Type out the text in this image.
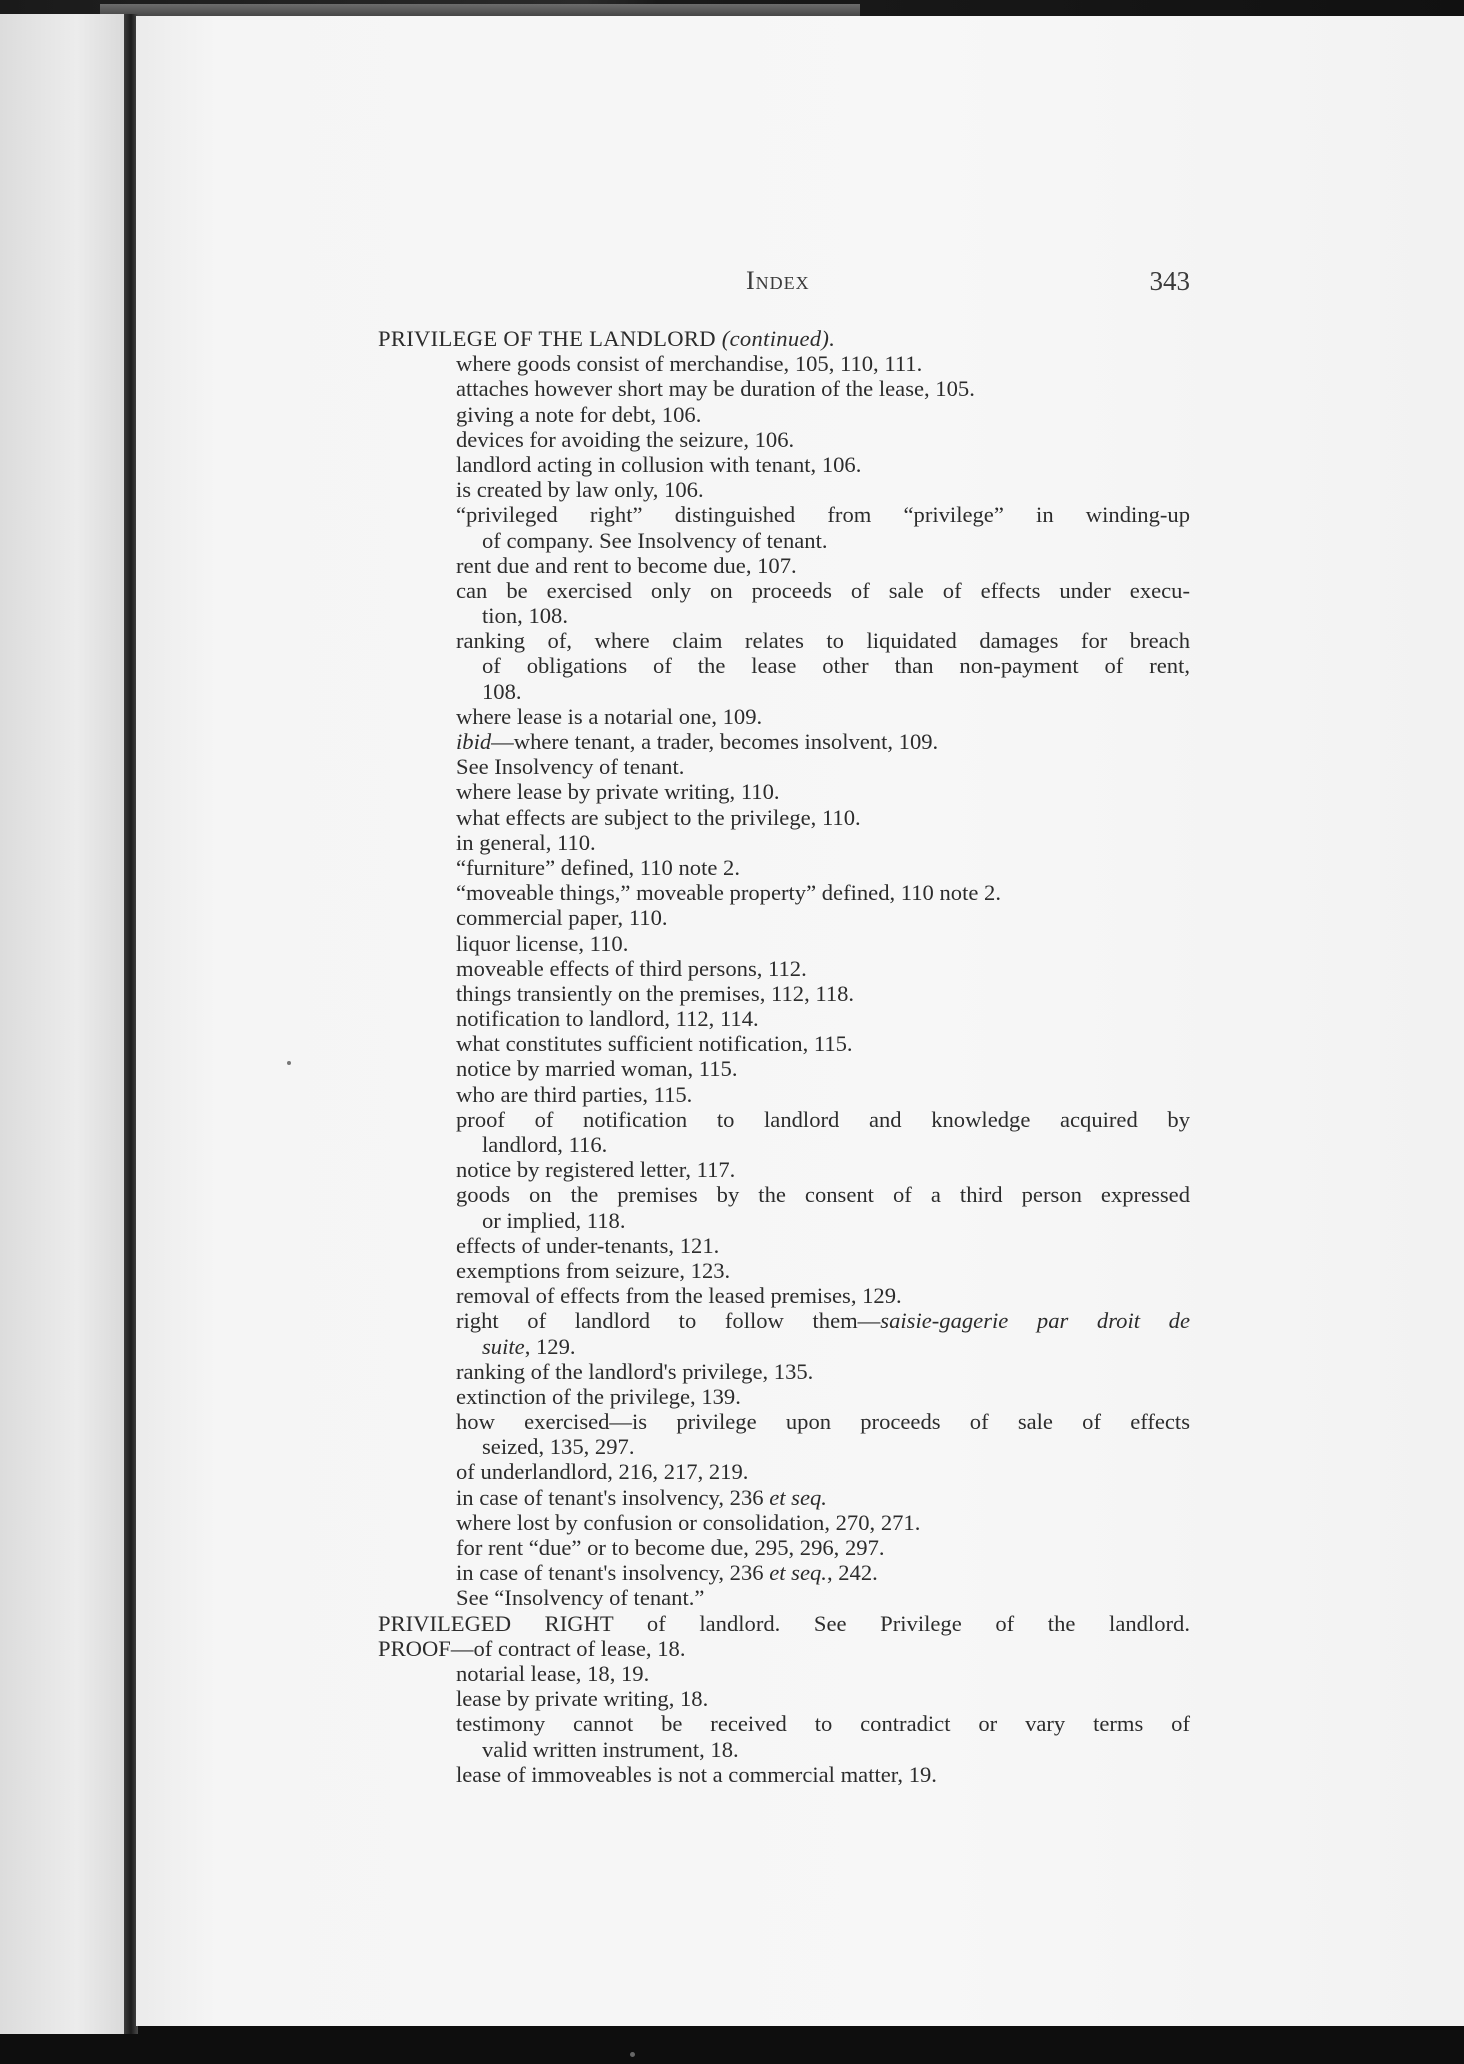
Index	343
PRIVILEGE OF THE LANDLORD (continued).
where goods consist of merchandise, 105, 110, 111.
attaches however short may be duration of the lease, 105.
giving a note for debt, 106.
devices for avoiding the seizure, 106.
landlord acting in collusion with tenant, 106.
is created by law only, 106.
“privileged right” distinguished from “privilege” in winding-up
of company. See Insolvency of tenant.
rent due and rent to become due, 107.
can be exercised only on proceeds of sale of effects under execu-
tion, 108.
ranking of, where claim relates to liquidated damages for breach
of obligations of the lease other than non-payment of rent,
108.
where lease is a notarial one, 109.
ibid—where tenant, a trader, becomes insolvent, 109.
See Insolvency of tenant.
where lease by private writing, 110.
what effects are subject to the privilege, 110.
in general, 110.
“furniture” defined, 110 note 2.
“moveable things,” moveable property” defined, 110 note 2.
commercial paper, 110.
liquor license, 110.
moveable effects of third persons, 112.
things transiently on the premises, 112, 118.
notification to landlord, 112, 114.
what constitutes sufficient notification, 115.
notice by married woman, 115.
who are third parties, 115.
proof of notification to landlord and knowledge acquired by
landlord, 116.
notice by registered letter, 117.
goods on the premises by the consent of a third person expressed
or implied, 118.
effects of under-tenants, 121.
exemptions from seizure, 123.
removal of effects from the leased premises, 129.
right of landlord to follow them—saisie-gagerie par droit de
suite, 129.
ranking of the landlord's privilege, 135.
extinction of the privilege, 139.
how exercised—is privilege upon proceeds of sale of effects
seized, 135, 297.
of underlandlord, 216, 217, 219.
in case of tenant's insolvency, 236 et seq.
where lost by confusion or consolidation, 270, 271.
for rent “due” or to become due, 295, 296, 297.
in case of tenant's insolvency, 236 et seq., 242.
See “Insolvency of tenant.”
PRIVILEGED RIGHT of landlord. See Privilege of the landlord.
PROOF—of contract of lease, 18.
notarial lease, 18, 19.
lease by private writing, 18.
testimony cannot be received to contradict or vary terms of
valid written instrument, 18.
lease of immoveables is not a commercial matter, 19.
